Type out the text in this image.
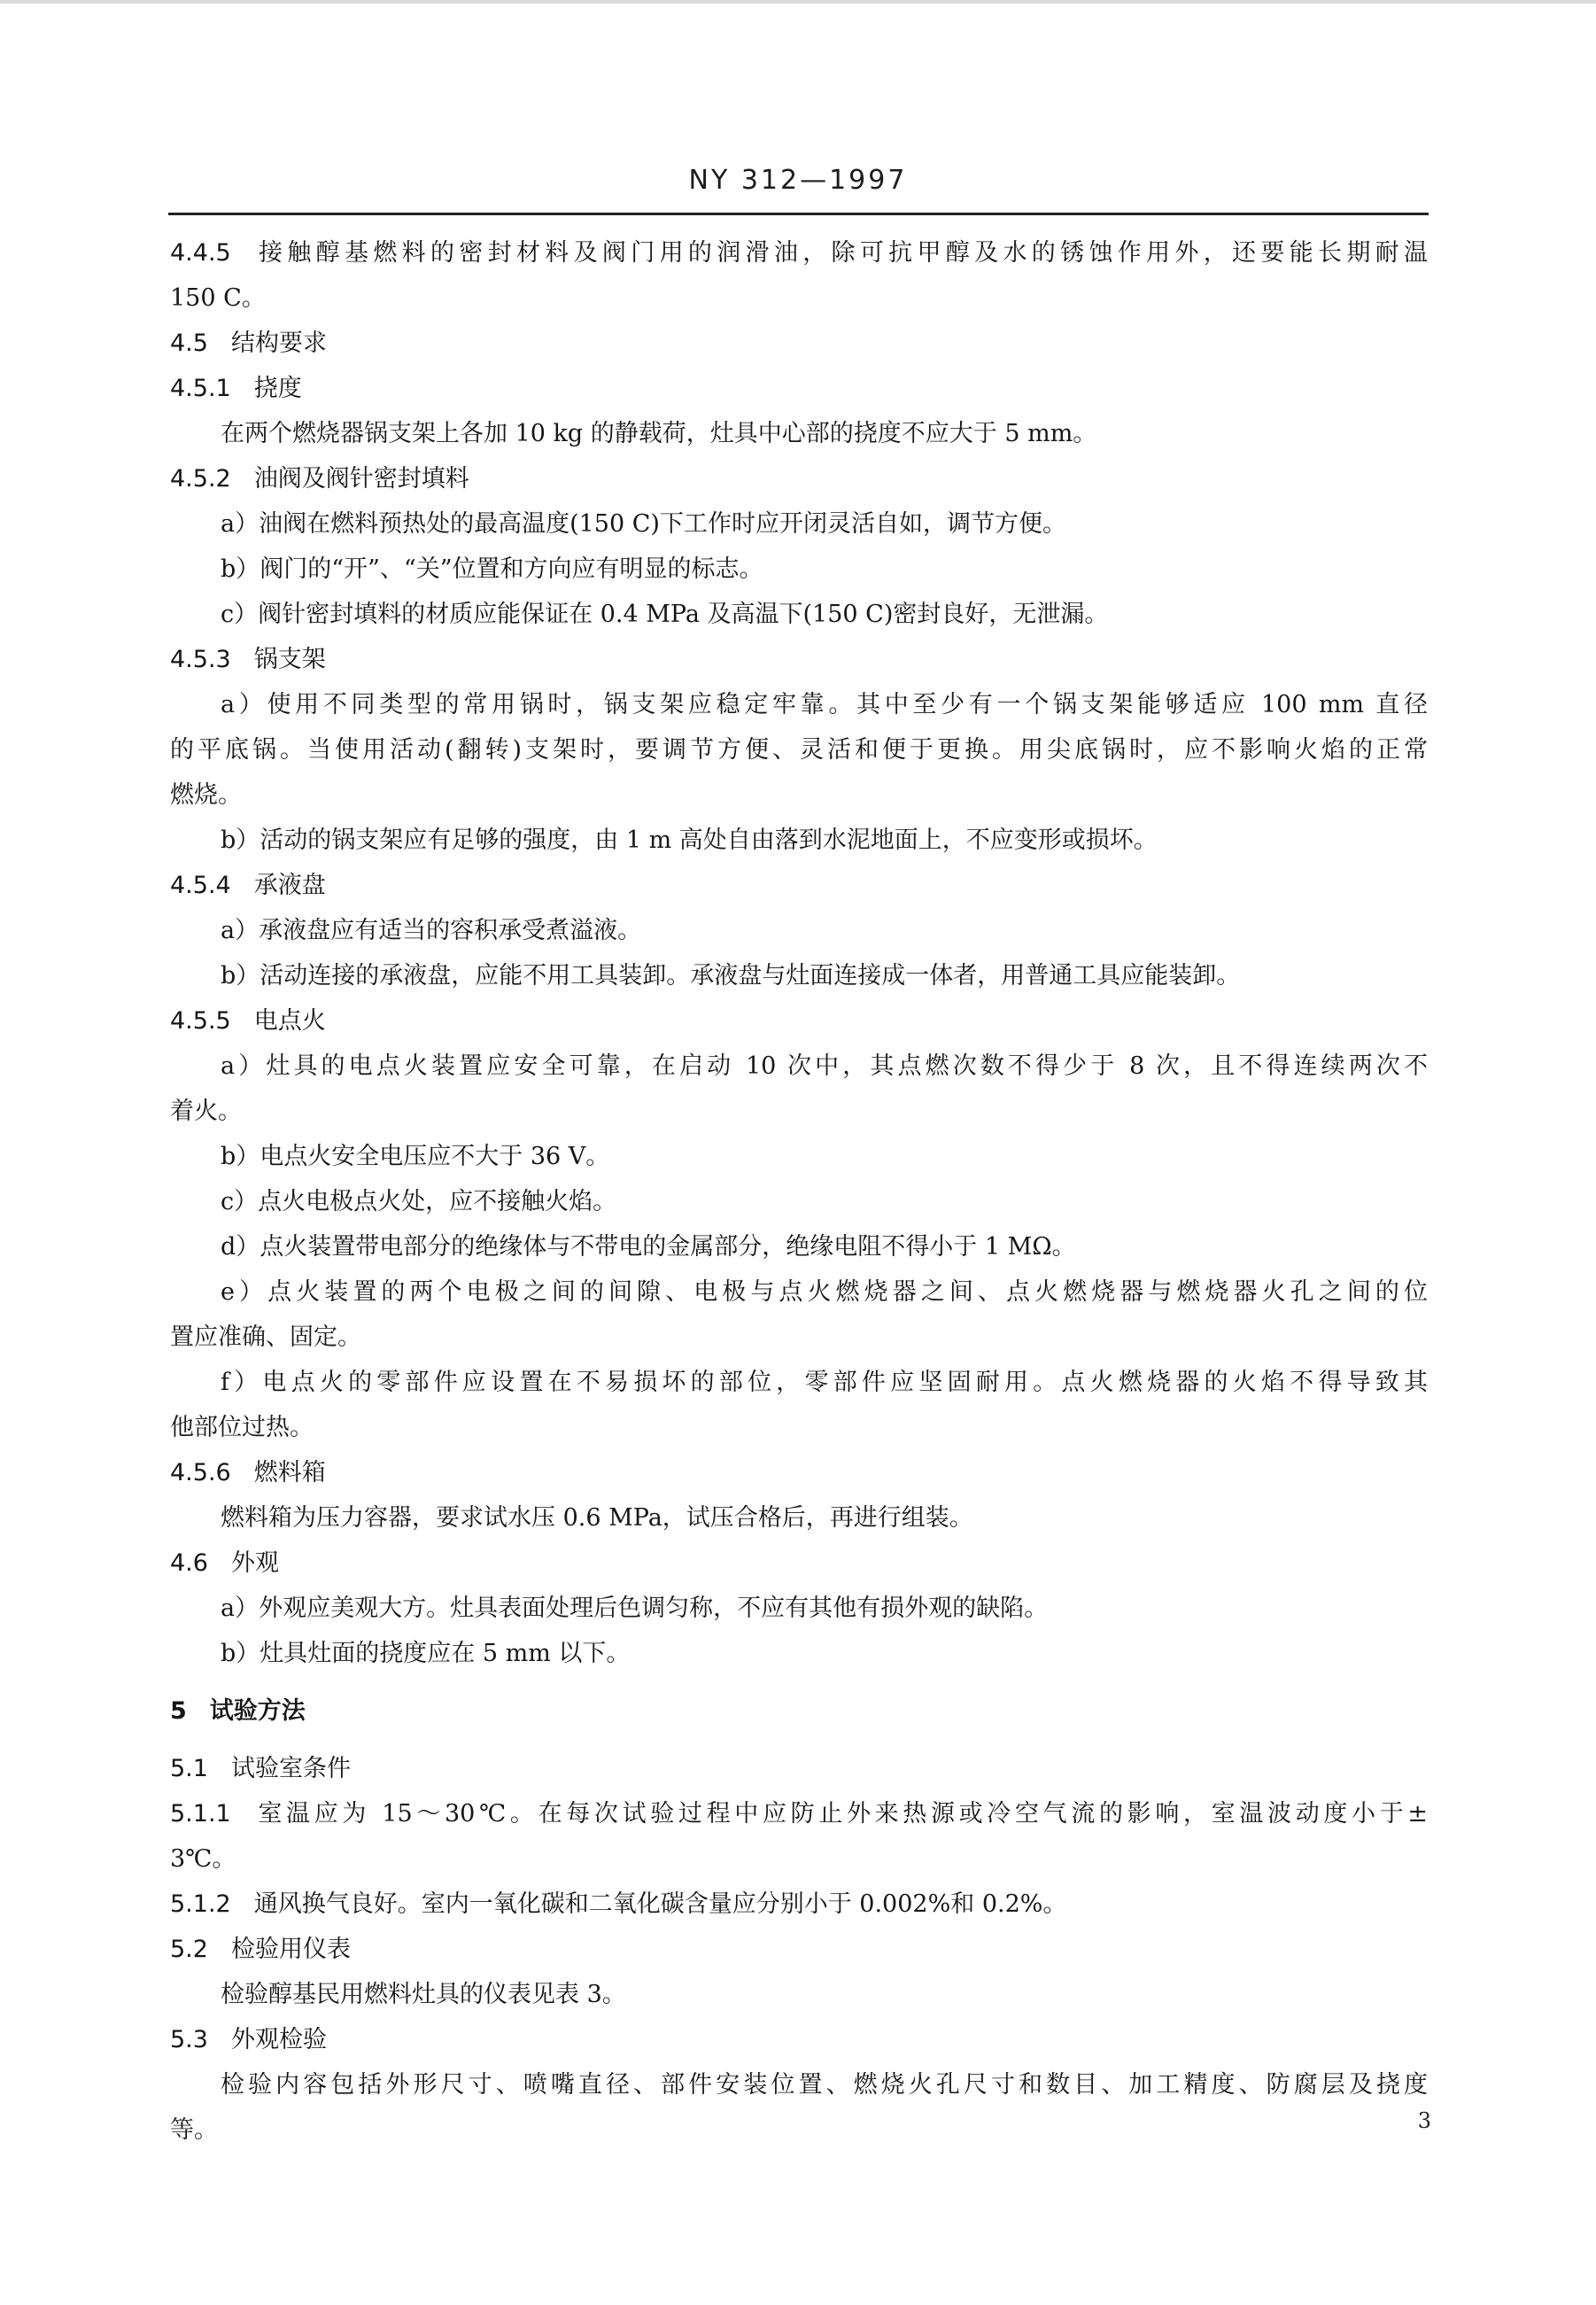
NY 312—1997
4.4.5 接触醇基燃料的密封材料及阀门用的润滑油，除可抗甲醇及水的锈蚀作用外，还要能长期耐温
150 C。
4.5 结构要求
4.5.1 挠度
在两个燃烧器锅支架上各加 10 kg 的静载荷，灶具中心部的挠度不应大于 5 mm。
4.5.2 油阀及阀针密封填料
a）油阀在燃料预热处的最高温度(150 C)下工作时应开闭灵活自如，调节方便。
b）阀门的“开”、“关”位置和方向应有明显的标志。
c）阀针密封填料的材质应能保证在 0.4 MPa 及高温下(150 C)密封良好，无泄漏。
4.5.3 锅支架
a）使用不同类型的常用锅时，锅支架应稳定牢靠。其中至少有一个锅支架能够适应 100 mm 直径
的平底锅。当使用活动(翻转)支架时，要调节方便、灵活和便于更换。用尖底锅时，应不影响火焰的正常
燃烧。
b）活动的锅支架应有足够的强度，由 1 m 高处自由落到水泥地面上，不应变形或损坏。
4.5.4 承液盘
a）承液盘应有适当的容积承受煮溢液。
b）活动连接的承液盘，应能不用工具装卸。承液盘与灶面连接成一体者，用普通工具应能装卸。
4.5.5 电点火
a）灶具的电点火装置应安全可靠，在启动 10 次中，其点燃次数不得少于 8 次，且不得连续两次不
着火。
b）电点火安全电压应不大于 36 V。
c）点火电极点火处，应不接触火焰。
d）点火装置带电部分的绝缘体与不带电的金属部分，绝缘电阻不得小于 1 MΩ。
e）点火装置的两个电极之间的间隙、电极与点火燃烧器之间、点火燃烧器与燃烧器火孔之间的位
置应准确、固定。
f）电点火的零部件应设置在不易损坏的部位，零部件应坚固耐用。点火燃烧器的火焰不得导致其
他部位过热。
4.5.6 燃料箱
燃料箱为压力容器，要求试水压 0.6 MPa，试压合格后，再进行组装。
4.6 外观
a）外观应美观大方。灶具表面处理后色调匀称，不应有其他有损外观的缺陷。
b）灶具灶面的挠度应在 5 mm 以下。
5 试验方法
5.1 试验室条件
5.1.1 室温应为 15～30℃。在每次试验过程中应防止外来热源或冷空气流的影响，室温波动度小于±
3℃。
5.1.2 通风换气良好。室内一氧化碳和二氧化碳含量应分别小于 0.002%和 0.2%。
5.2 检验用仪表
检验醇基民用燃料灶具的仪表见表 3。
5.3 外观检验
检验内容包括外形尺寸、喷嘴直径、部件安装位置、燃烧火孔尺寸和数目、加工精度、防腐层及挠度
等。	3
